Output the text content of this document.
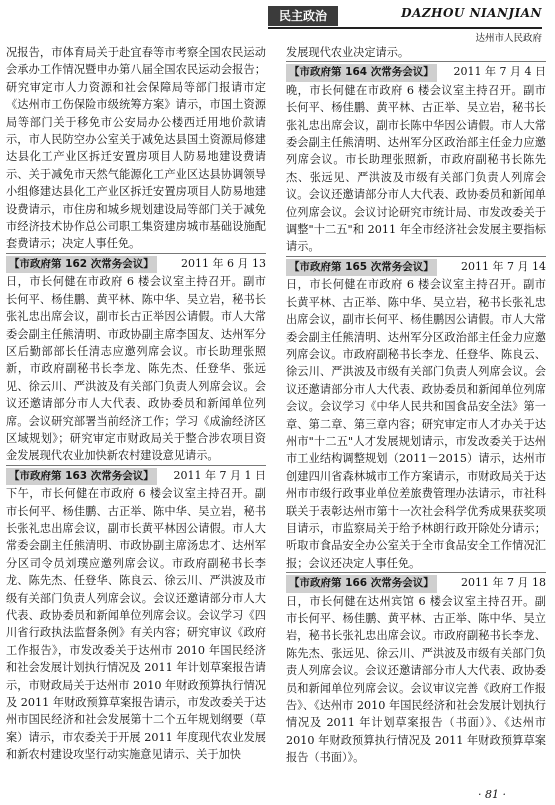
民主政治	DAZHOU NIANJIAN
达州市人民政府

况报告，市体育局关于赴宜春等市考察全国农民运动会承办工作情况暨申办第八届全国农民运动会报告；研究审定市人力资源和社会保障局等部门报请市定《达州市工伤保险市级统筹方案》请示，市国土资源局等部门关于移免市公安局办公楼西迁用地价款请示，市人民防空办公室关于减免达县国土资源局修建达县化工产业区拆迁安置房项目人防易地建设费请示、关于减免市天然气能源化工产业区达县协调领导小组修建达县化工产业区拆迁安置房项目人防易地建设费请示，市住房和城乡规划建设局等部门关于减免市经济技术协作总公司职工集资建房城市基础设施配套费请示；决定人事任免。

【市政府第 162 次常务会议】 2011 年 6 月 13

日，市长何健在市政府 6 楼会议室主持召开。副市长何平、杨佳鹏、黄平林、陈中华、吴立岩，秘书长张礼忠出席会议，副市长古正举因公请假。市人大常委会副主任熊清明、市政协副主席李国友、达州军分区后勤部部长任清志应邀列席会议。市长助理张照新，市政府副秘书长李龙、陈先杰、任登华、张远见、徐云川、严洪波及有关部门负责人列席会议。会议还邀请部分市人大代表、政协委员和新闻单位列席。会议研究部署当前经济工作；学习《成渝经济区区域规划》；研究审定市财政局关于整合涉农项目资金发展现代农业加快新农村建设意见请示。

【市政府第 163 次常务会议】 2011 年 7 月 1 日

下午，市长何健在市政府 6 楼会议室主持召开。副市长何平、杨佳鹏、古正举、陈中华、吴立岩，秘书长张礼忠出席会议，副市长黄平林因公请假。市人大常委会副主任熊清明、市政协副主席汤忠才、达州军分区司令员刘璞应邀列席会议。市政府副秘书长李龙、陈先杰、任登华、陈良云、徐云川、严洪波及市级有关部门负责人列席会议。会议还邀请部分市人大代表、政协委员和新闻单位列席会议。会议学习《四川省行政执法监督条例》有关内容；研究审议《政府工作报告》，市发改委关于达州市 2010 年国民经济和社会发展计划执行情况及 2011 年计划草案报告请示，市财政局关于达州市 2010 年财政预算执行情况及 2011 年财政预算草案报告请示，市发改委关于达州市国民经济和社会发展第十二个五年规划纲要（草案）请示，市农委关于开展 2011 年度现代农业发展和新农村建设攻坚行动实施意见请示、关于加快

发展现代农业决定请示。

【市政府第 164 次常务会议】 2011 年 7 月 4 日

晚，市长何健在市政府 6 楼会议室主持召开。副市长何平、杨佳鹏、黄平林、古正举、吴立岩，秘书长张礼忠出席会议，副市长陈中华因公请假。市人大常委会副主任熊清明、达州军分区政治部主任金力应邀列席会议。市长助理张照新，市政府副秘书长陈先杰、张远见、严洪波及市级有关部门负责人列席会议。会议还邀请部分市人大代表、政协委员和新闻单位列席会议。会议讨论研究市统计局、市发改委关于调整"十二五"和 2011 年全市经济社会发展主要指标请示。

【市政府第 165 次常务会议】 2011 年 7 月 14

日，市长何健在市政府 6 楼会议室主持召开。副市长黄平林、古正举、陈中华、吴立岩，秘书长张礼忠出席会议，副市长何平、杨佳鹏因公请假。市人大常委会副主任熊清明、达州军分区政治部主任金力应邀列席会议。市政府副秘书长李龙、任登华、陈良云、徐云川、严洪波及市级有关部门负责人列席会议。会议还邀请部分市人大代表、政协委员和新闻单位列席会议。会议学习《中华人民共和国食品安全法》第一章、第二章、第三章内容；研究审定市人才办关于达州市"十二五"人才发展规划请示，市发改委关于达州市工业结构调整规划（2011－2015）请示，达州市创建四川省森林城市工作方案请示，市财政局关于达州市市级行政事业单位差旅费管理办法请示，市社科联关于表彰达州市第十一次社会科学优秀成果获奖项目请示，市监察局关于给予林朗行政开除处分请示；听取市食品安全办公室关于全市食品安全工作情况汇报；会议还决定人事任免。

【市政府第 166 次常务会议】 2011 年 7 月 18

日，市长何健在达州宾馆 6 楼会议室主持召开。副市长何平、杨佳鹏、黄平林、古正举、陈中华、吴立岩，秘书长张礼忠出席会议。市政府副秘书长李龙、陈先杰、张远见、徐云川、严洪波及市级有关部门负责人列席会议。会议还邀请部分市人大代表、政协委员和新闻单位列席会议。会议审议完善《政府工作报告》、《达州市 2010 年国民经济和社会发展计划执行情况及 2011 年计划草案报告（书面）》、《达州市 2010 年财政预算执行情况及 2011 年财政预算草案报告（书面）》。

· 81 ·
